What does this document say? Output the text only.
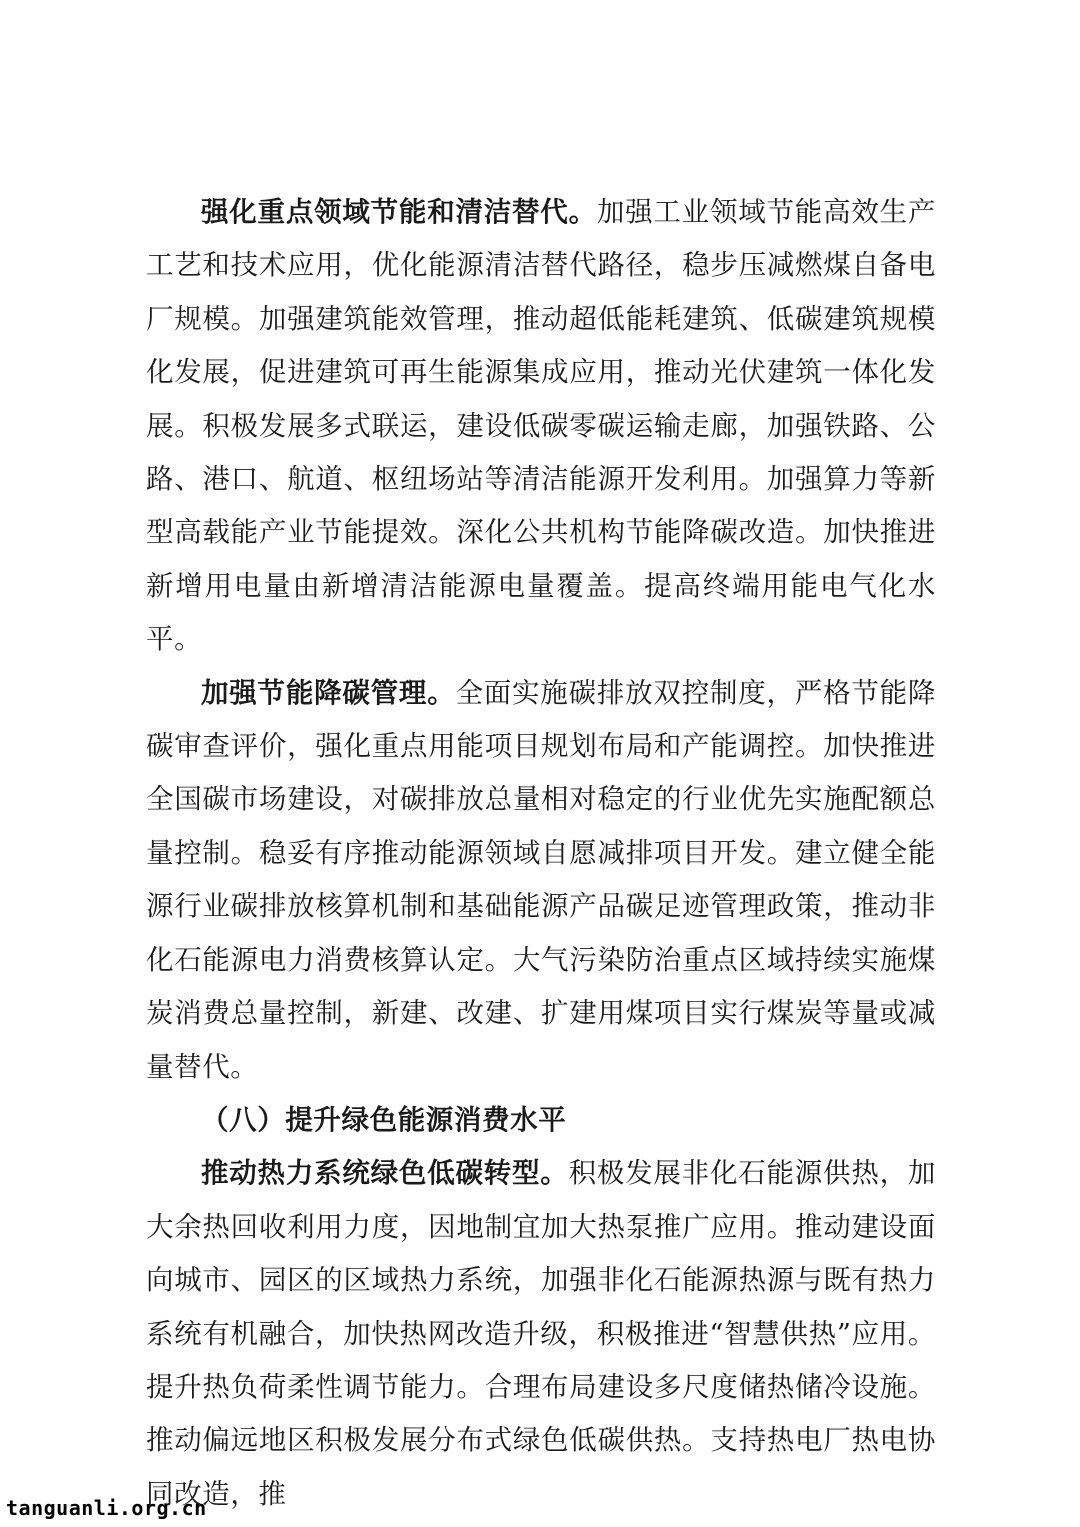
强化重点领域节能和清洁替代。加强工业领域节能高效生产工艺和技术应用，优化能源清洁替代路径，稳步压减燃煤自备电厂规模。加强建筑能效管理，推动超低能耗建筑、低碳建筑规模化发展，促进建筑可再生能源集成应用，推动光伏建筑一体化发展。积极发展多式联运，建设低碳零碳运输走廊，加强铁路、公路、港口、航道、枢纽场站等清洁能源开发利用。加强算力等新型高载能产业节能提效。深化公共机构节能降碳改造。加快推进新增用电量由新增清洁能源电量覆盖。提高终端用能电气化水平。

加强节能降碳管理。全面实施碳排放双控制度，严格节能降碳审查评价，强化重点用能项目规划布局和产能调控。加快推进全国碳市场建设，对碳排放总量相对稳定的行业优先实施配额总量控制。稳妥有序推动能源领域自愿减排项目开发。建立健全能源行业碳排放核算机制和基础能源产品碳足迹管理政策，推动非化石能源电力消费核算认定。大气污染防治重点区域持续实施煤炭消费总量控制，新建、改建、扩建用煤项目实行煤炭等量或减量替代。

（八）提升绿色能源消费水平

推动热力系统绿色低碳转型。积极发展非化石能源供热，加大余热回收利用力度，因地制宜加大热泵推广应用。推动建设面向城市、园区的区域热力系统，加强非化石能源热源与既有热力系统有机融合，加快热网改造升级，积极推进“智慧供热”应用。提升热负荷柔性调节能力。合理布局建设多尺度储热储冷设施。推动偏远地区积极发展分布式绿色低碳供热。支持热电厂热电协同改造，推

tanguanli.org.cn
